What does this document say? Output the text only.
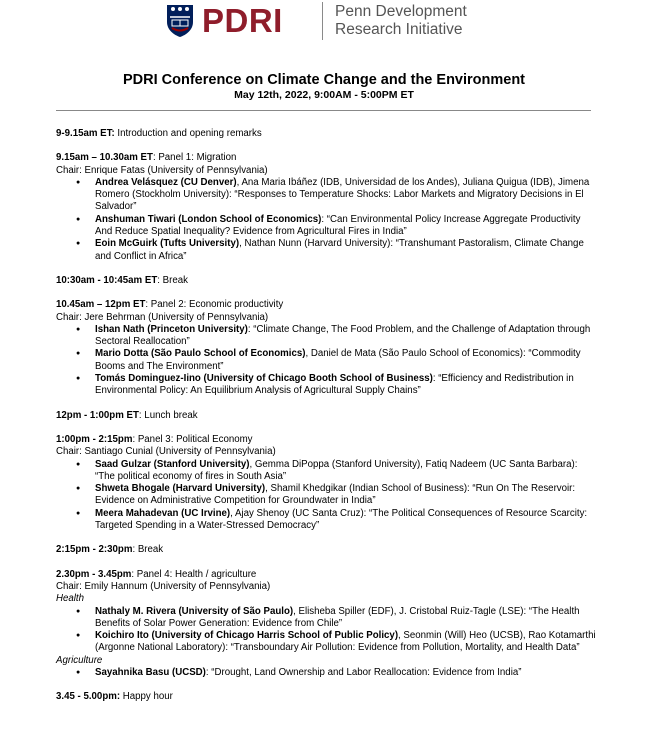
PDRI	Penn Development
Research Initiative
PDRI Conference on Climate Change and the Environment
May 12th, 2022, 9:00AM - 5:00PM ET

9-9.15am ET: Introduction and opening remarks

9.15am – 10.30am ET: Panel 1: Migration

Chair: Enrique Fatas (University of Pennsylvania)

● Andrea Velásquez (CU Denver), Ana Maria Ibáñez (IDB, Universidad de los Andes), Juliana Quigua (IDB), Jimena Romero (Stockholm University): “Responses to Temperature Shocks: Labor Markets and Migratory Decisions in El Salvador”
● Anshuman Tiwari (London School of Economics): “Can Environmental Policy Increase Aggregate Productivity And Reduce Spatial Inequality? Evidence from Agricultural Fires in India”
● Eoin McGuirk (Tufts University), Nathan Nunn (Harvard University): “Transhumant Pastoralism, Climate Change and Conflict in Africa”

10:30am - 10:45am ET: Break

10.45am – 12pm ET: Panel 2: Economic productivity

Chair: Jere Behrman (University of Pennsylvania)

● Ishan Nath (Princeton University): “Climate Change, The Food Problem, and the Challenge of Adaptation through Sectoral Reallocation”
● Mario Dotta (São Paulo School of Economics), Daniel de Mata (São Paulo School of Economics): “Commodity Booms and The Environment”
● Tomás Dominguez-Iino (University of Chicago Booth School of Business): “Efficiency and Redistribution in Environmental Policy: An Equilibrium Analysis of Agricultural Supply Chains”

12pm - 1:00pm ET: Lunch break

1:00pm - 2:15pm: Panel 3: Political Economy

Chair: Santiago Cunial (University of Pennsylvania)

● Saad Gulzar (Stanford University), Gemma DiPoppa (Stanford University), Fatiq Nadeem (UC Santa Barbara): “The political economy of fires in South Asia”
● Shweta Bhogale (Harvard University), Shamil Khedgikar (Indian School of Business): “Run On The Reservoir: Evidence on Administrative Competition for Groundwater in India”
● Meera Mahadevan (UC Irvine), Ajay Shenoy (UC Santa Cruz): “The Political Consequences of Resource Scarcity: Targeted Spending in a Water-Stressed Democracy”

2:15pm - 2:30pm: Break

2.30pm - 3.45pm: Panel 4: Health / agriculture

Chair: Emily Hannum (University of Pennsylvania)

Health

● Nathaly M. Rivera (University of São Paulo), Elisheba Spiller (EDF), J. Cristobal Ruiz-Tagle (LSE): “The Health Benefits of Solar Power Generation: Evidence from Chile”
● Koichiro Ito (University of Chicago Harris School of Public Policy), Seonmin (Will) Heo (UCSB), Rao Kotamarthi (Argonne National Laboratory): “Transboundary Air Pollution: Evidence from Pollution, Mortality, and Health Data”

Agriculture

● Sayahnika Basu (UCSD): “Drought, Land Ownership and Labor Reallocation: Evidence from India”

3.45 - 5.00pm: Happy hour
